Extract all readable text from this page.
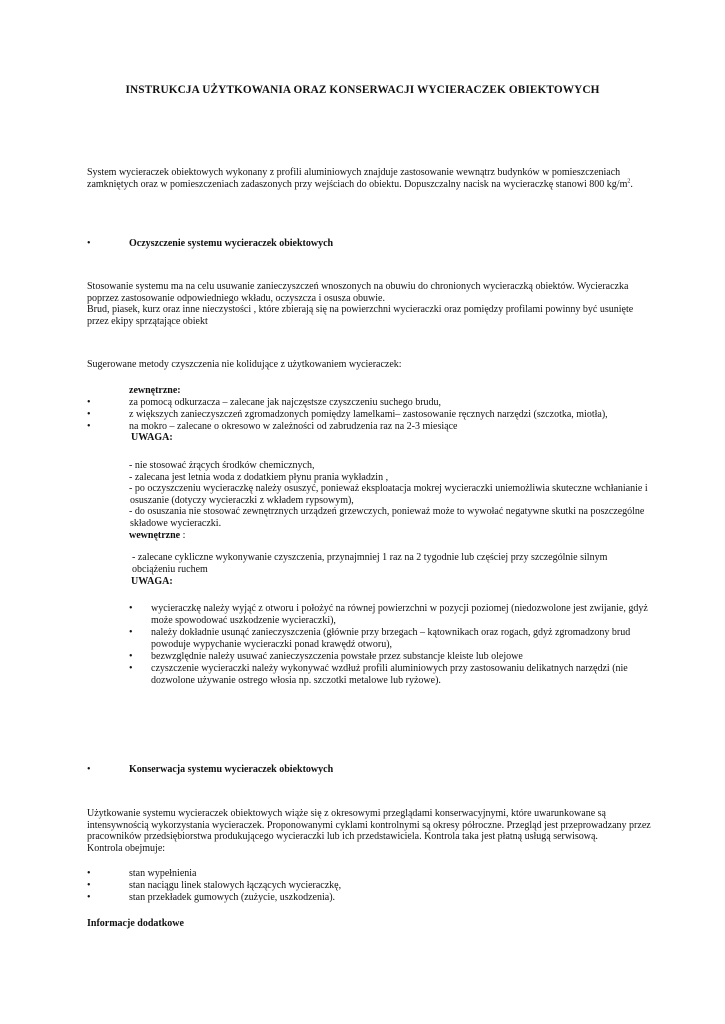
INSTRUKCJA UŻYTKOWANIA ORAZ KONSERWACJI WYCIERACZEK OBIEKTOWYCH

System wycieraczek obiektowych wykonany z profili aluminiowych znajduje zastosowanie wewnątrz budynków w pomieszczeniach

zamkniętych oraz w pomieszczeniach zadaszonych przy wejściach do obiektu. Dopuszczalny nacisk na wycieraczkę stanowi 800 $kg/m^2$.

•	Oczyszczenie systemu wycieraczek obiektowych

Stosowanie systemu ma na celu usuwanie zanieczyszczeń wnoszonych na obuwiu do chronionych wycieraczką obiektów. Wycieraczka

poprzez zastosowanie odpowiedniego wkładu, oczyszcza i osusza obuwie.

Brud, piasek, kurz oraz inne nieczystości , które zbierają się na powierzchni wycieraczki oraz pomiędzy profilami powinny być usunięte

przez ekipy sprzątające obiekt

Sugerowane metody czyszczenia nie kolidujące z użytkowaniem wycieraczek:
zewnętrzne:
•	za pomocą odkurzacza – zalecane jak najczęstsze czyszczeniu suchego brudu,
•	z większych zanieczyszczeń zgromadzonych pomiędzy lamelkami– zastosowanie ręcznych narzędzi (szczotka, miotła),
•	na mokro – zalecane o okresowo w zależności od zabrudzenia raz na 2-3 miesiące
UWAGA:

- nie stosować żrących środków chemicznych,

- zalecana jest letnia woda z dodatkiem płynu prania wykładzin ,

- po oczyszczeniu wycieraczkę należy osuszyć, ponieważ eksploatacja mokrej wycieraczki uniemożliwia skuteczne wchłanianie i

osuszanie (dotyczy wycieraczki z wkładem rypsowym),

- do osuszania nie stosować zewnętrznych urządzeń grzewczych, ponieważ może to wywołać negatywne skutki na poszczególne

składowe wycieraczki.

wewnętrzne :

- zalecane cykliczne wykonywanie czyszczenia, przynajmniej 1 raz na 2 tygodnie lub częściej przy szczególnie silnym

obciążeniu ruchem

UWAGA:
• wycieraczkę należy wyjąć z otworu i położyć na równej powierzchni w pozycji poziomej (niedozwolone jest zwijanie, gdyż
może spowodować uszkodzenie wycieraczki),
• należy dokładnie usunąć zanieczyszczenia (głównie przy brzegach – kątownikach oraz rogach, gdyż zgromadzony brud
powoduje wypychanie wycieraczki ponad krawędź otworu),
• bezwzględnie należy usuwać zanieczyszczenia powstałe przez substancje kleiste lub olejowe
• czyszczenie wycieraczki należy wykonywać wzdłuż profili aluminiowych przy zastosowaniu delikatnych narzędzi (nie
dozwolone używanie ostrego włosia np. szczotki metalowe lub ryżowe).
•	Konserwacja systemu wycieraczek obiektowych

Użytkowanie systemu wycieraczek obiektowych wiąże się z okresowymi przeglądami konserwacyjnymi, które uwarunkowane są

intensywnością wykorzystania wycieraczek. Proponowanymi cyklami kontrolnymi są okresy półroczne. Przegląd jest przeprowadzany przez

pracowników przedsiębiorstwa produkującego wycieraczki lub ich przedstawiciela. Kontrola taka jest płatną usługą serwisową.

Kontrola obejmuje:

•	stan wypełnienia
•	stan naciągu linek stalowych łączących wycieraczkę,
•	stan przekładek gumowych (zużycie, uszkodzenia).
Informacje dodatkowe
